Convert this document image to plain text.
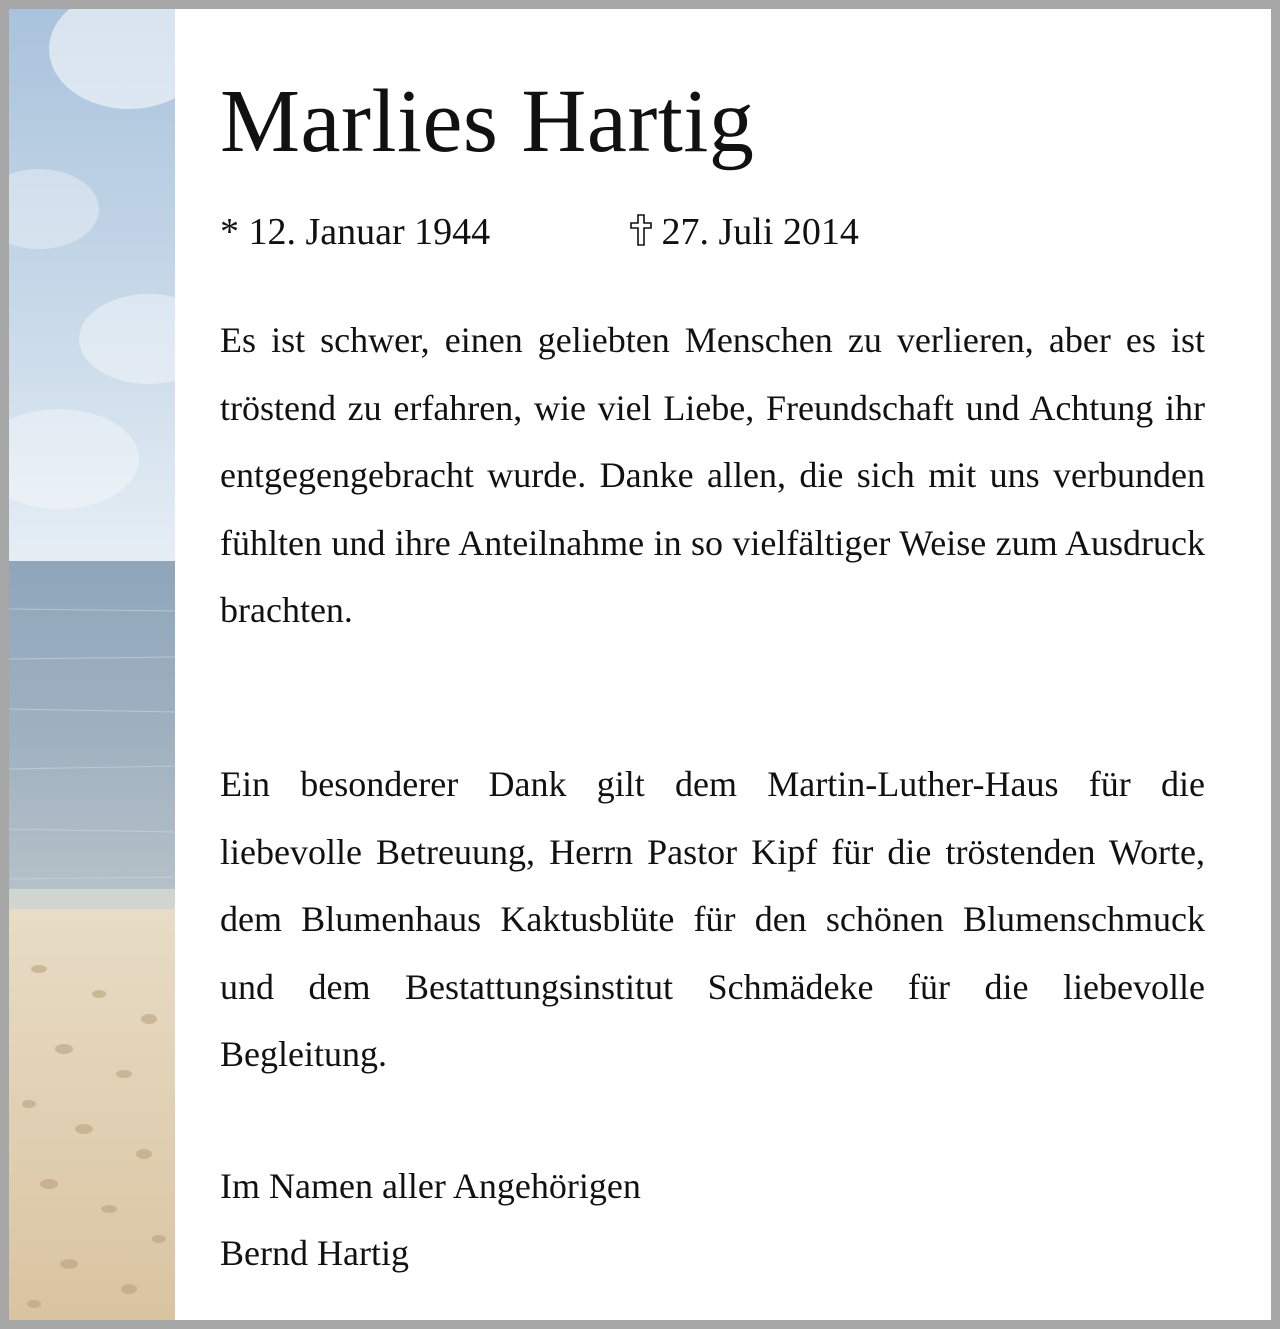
Marlies Hartig
* 12. Januar 1944	27. Juli 2014

Es ist schwer, einen geliebten Menschen zu verlieren, aber es ist tröstend zu erfahren, wie viel Liebe, Freundschaft und Achtung ihr entgegengebracht wurde. Danke allen, die sich mit uns verbunden fühlten und ihre Anteilnahme in so vielfältiger Weise zum Ausdruck brachten.

Ein besonderer Dank gilt dem Martin-Luther-Haus für die liebevolle Betreuung, Herrn Pastor Kipf für die tröstenden Worte, dem Blumenhaus Kaktusblüte für den schönen Blumenschmuck und dem Bestattungsinstitut Schmädeke für die liebevolle Begleitung.

Im Namen aller Angehörigen

Bernd Hartig
